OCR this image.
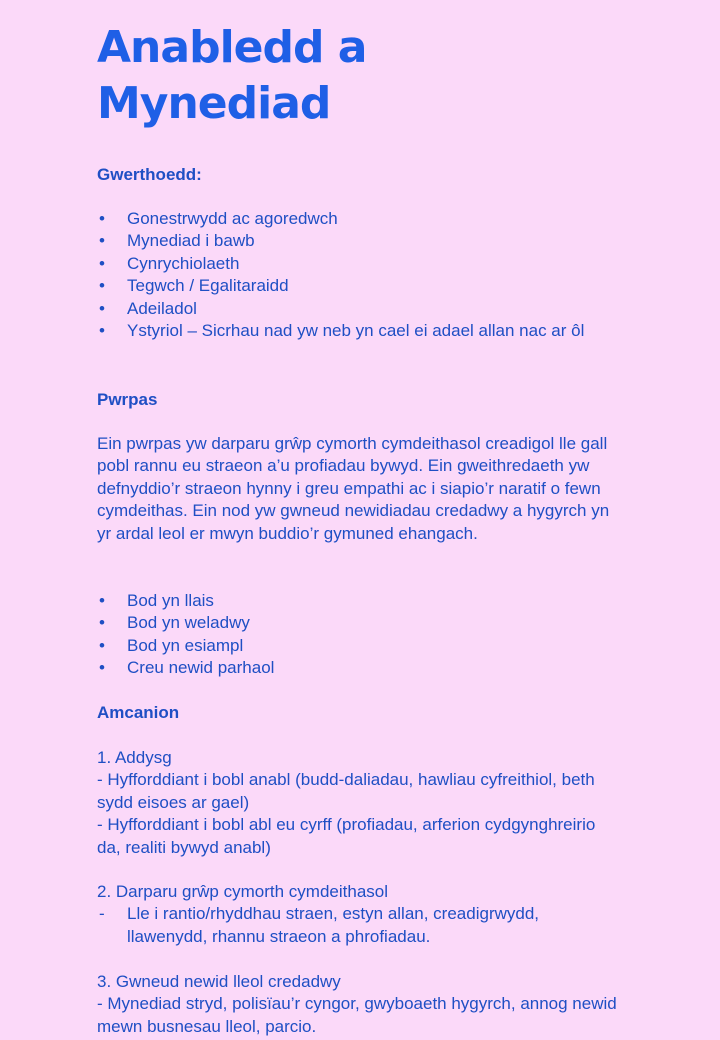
Anabledd a
Mynediad
Gwerthoedd:
• Gonestrwydd ac agoredwch
• Mynediad i bawb
• Cynrychiolaeth
• Tegwch / Egalitaraidd
• Adeiladol
• Ystyriol – Sicrhau nad yw neb yn cael ei adael allan nac ar ôl
Pwrpas

Ein pwrpas yw darparu grŵp cymorth cymdeithasol creadigol lle gall pobl rannu eu straeon a’u profiadau bywyd. Ein gweithredaeth yw defnyddio’r straeon hynny i greu empathi ac i siapio’r naratif o fewn cymdeithas. Ein nod yw gwneud newidiadau credadwy a hygyrch yn yr ardal leol er mwyn buddio’r gymuned ehangach.

• Bod yn llais
• Bod yn weladwy
• Bod yn esiampl
• Creu newid parhaol
Amcanion
1. Addysg
- Hyfforddiant i bobl anabl (budd-daliadau, hawliau cyfreithiol, beth sydd eisoes ar gael)
- Hyfforddiant i bobl abl eu cyrff (profiadau, arferion cydgynghreirio da, realiti bywyd anabl)
2. Darparu grŵp cymorth cymdeithasol
- Lle i rantio/rhyddhau straen, estyn allan, creadigrwydd, llawenydd, rhannu straeon a phrofiadau.
3. Gwneud newid lleol credadwy
- Mynediad stryd, polisïau’r cyngor, gwyboaeth hygyrch, annog newid mewn busnesau lleol, parcio.
